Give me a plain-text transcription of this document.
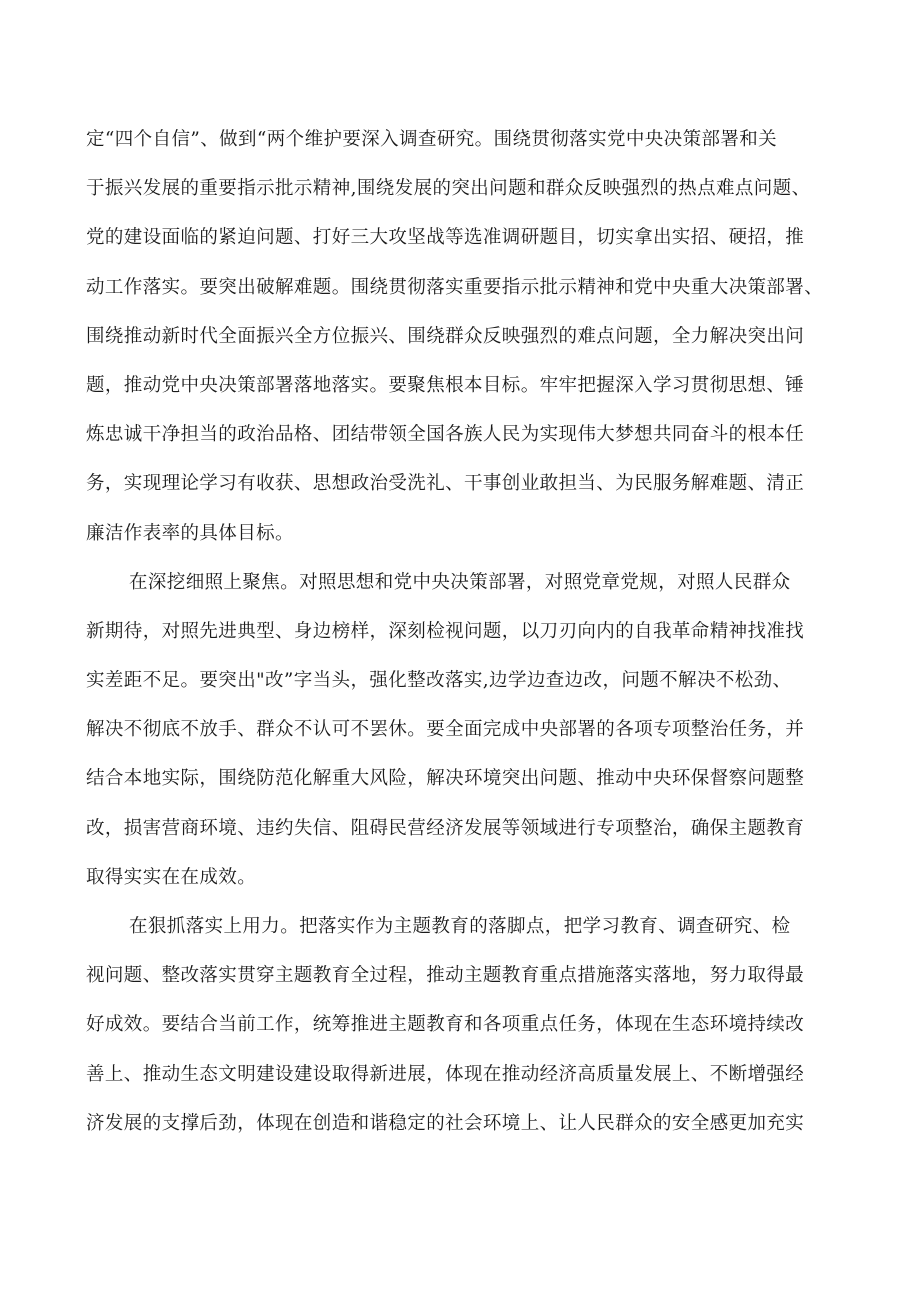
定“四个自信”、做到“两个维护要深入调查研究。围绕贯彻落实党中央决策部署和关
于振兴发展的重要指示批示精神,围绕发展的突出问题和群众反映强烈的热点难点问题、
党的建设面临的紧迫问题、打好三大攻坚战等选准调研题目，切实拿出实招、硬招，推
动工作落实。要突出破解难题。围绕贯彻落实重要指示批示精神和党中央重大决策部署、
围绕推动新时代全面振兴全方位振兴、围绕群众反映强烈的难点问题，全力解决突出问
题，推动党中央决策部署落地落实。要聚焦根本目标。牢牢把握深入学习贯彻思想、锤
炼忠诚干净担当的政治品格、团结带领全国各族人民为实现伟大梦想共同奋斗的根本任
务，实现理论学习有收获、思想政治受洗礼、干事创业敢担当、为民服务解难题、清正
廉洁作表率的具体目标。
在深挖细照上聚焦。对照思想和党中央决策部署，对照党章党规，对照人民群众
新期待，对照先进典型、身边榜样，深刻检视问题，以刀刃向内的自我革命精神找准找
实差距不足。要突出"改”字当头，强化整改落实,边学边查边改，问题不解决不松劲、
解决不彻底不放手、群众不认可不罢休。要全面完成中央部署的各项专项整治任务，并
结合本地实际，围绕防范化解重大风险，解决环境突出问题、推动中央环保督察问题整
改，损害营商环境、违约失信、阻碍民营经济发展等领域进行专项整治，确保主题教育
取得实实在在成效。
在狠抓落实上用力。把落实作为主题教育的落脚点，把学习教育、调查研究、检
视问题、整改落实贯穿主题教育全过程，推动主题教育重点措施落实落地，努力取得最
好成效。要结合当前工作，统筹推进主题教育和各项重点任务，体现在生态环境持续改
善上、推动生态文明建设建设取得新进展，体现在推动经济高质量发展上、不断增强经
济发展的支撑后劲，体现在创造和谐稳定的社会环境上、让人民群众的安全感更加充实
